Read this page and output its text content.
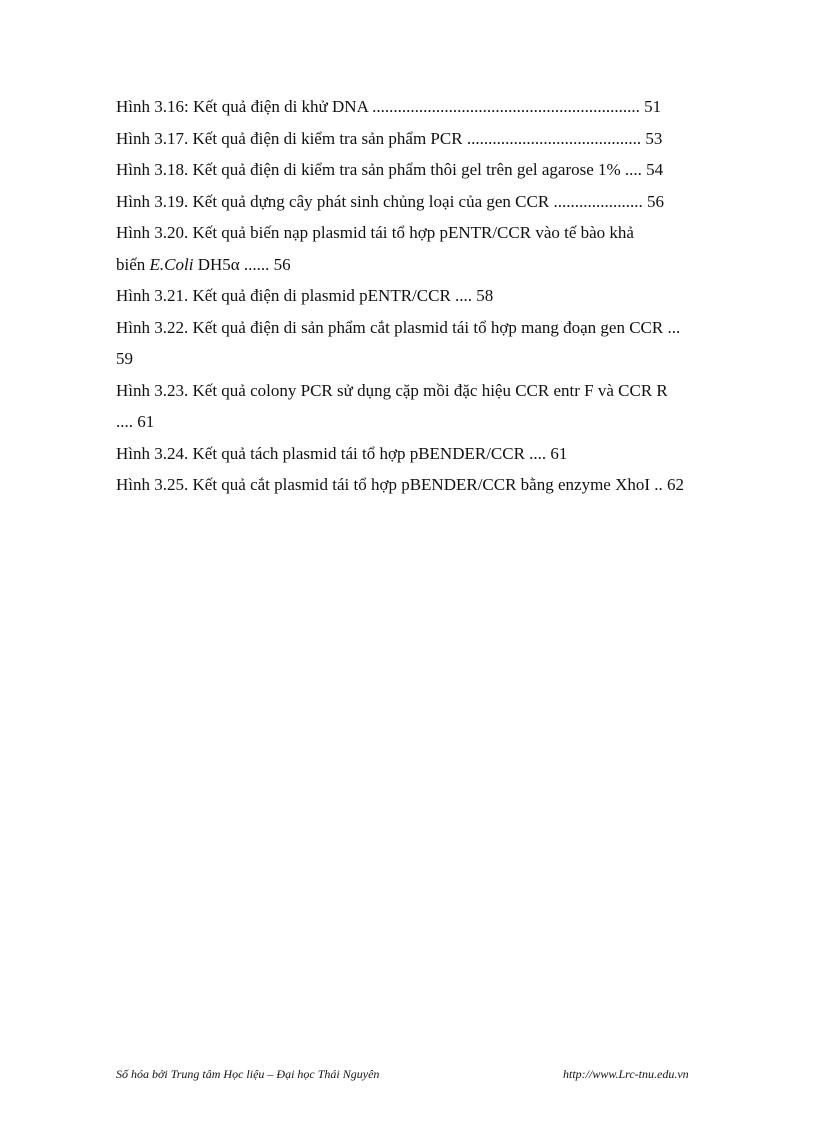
Hình 3.16: Kết quả điện di khử DNA ............................................................... 51
Hình 3.17. Kết quả điện di kiểm tra sản phẩm PCR ......................................... 53
Hình 3.18. Kết quả điện di kiểm tra sản phẩm thôi gel trên gel agarose 1% .... 54
Hình 3.19. Kết quả dựng cây phát sinh chủng loại của gen CCR ..................... 56
Hình 3.20. Kết quả biến nạp plasmid tái tổ hợp pENTR/CCR vào tế bào khả
biến E.Coli DH5α ...... 56
Hình 3.21. Kết quả điện di plasmid pENTR/CCR .... 58
Hình 3.22. Kết quả điện di sản phẩm cắt plasmid tái tổ hợp mang đoạn gen CCR ...
59
Hình 3.23. Kết quả colony PCR sử dụng cặp mồi đặc hiệu CCR entr F và CCR R
.... 61
Hình 3.24. Kết quả tách plasmid tái tổ hợp pBENDER/CCR .... 61
Hình 3.25. Kết quả cắt plasmid tái tổ hợp pBENDER/CCR bằng enzyme XhoI .. 62
Số hóa bởi Trung tâm Học liệu – Đại học Thái Nguyên	http://www.Lrc-tnu.edu.vn
